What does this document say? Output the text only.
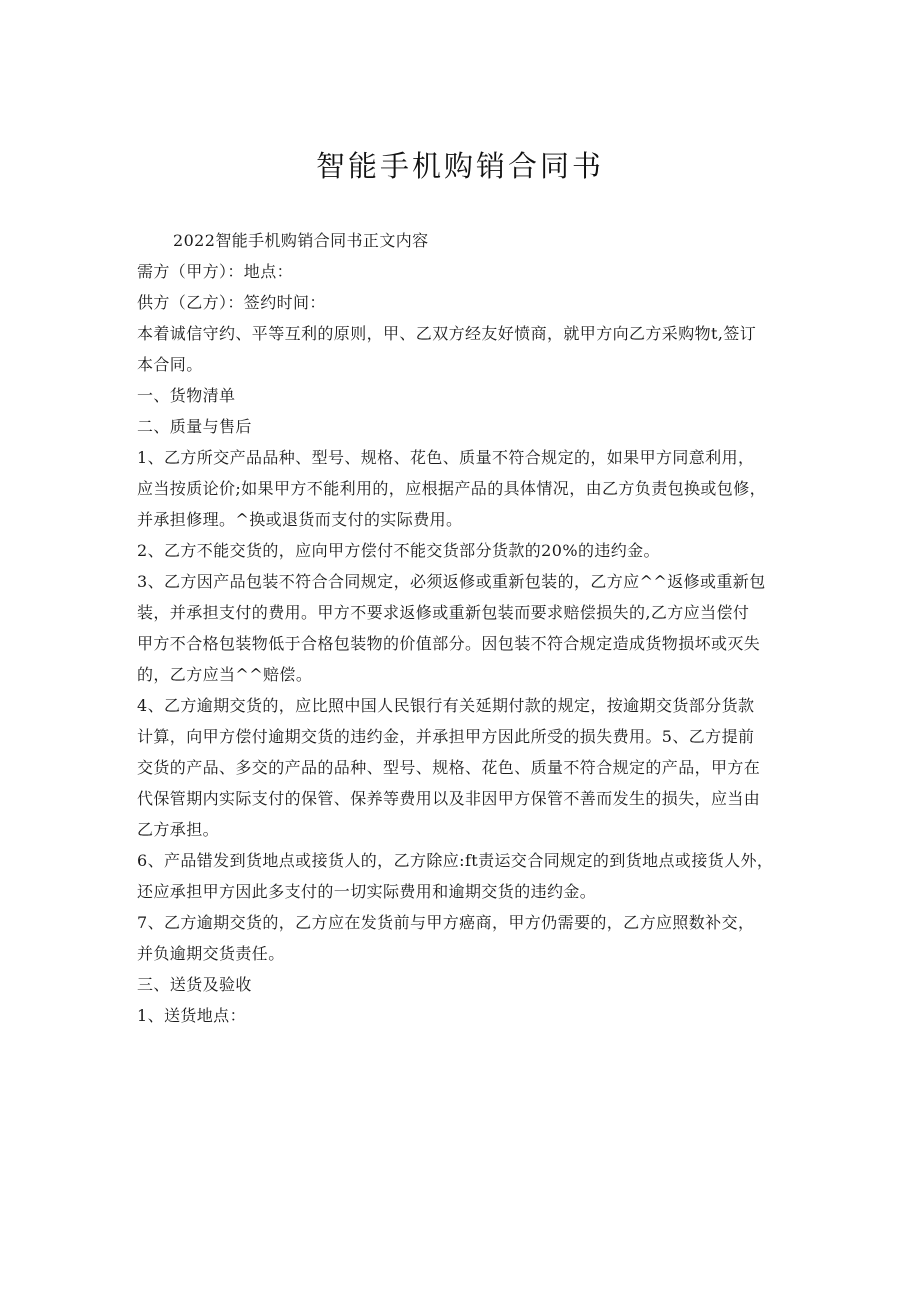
智能手机购销合同书
2022智能手机购销合同书正文内容
需方（甲方）：地点：
供方（乙方）：签约时间：
本着诚信守约、平等互利的原则，甲、乙双方经友好愤商，就甲方向乙方采购物t,签订
本合同。
一、货物清单
二、质量与售后
1、乙方所交产品品种、型号、规格、花色、质量不符合规定的，如果甲方同意利用，
应当按质论价;如果甲方不能利用的，应根据产品的具体情况，由乙方负责包换或包修，
并承担修理。^换或退货而支付的实际费用。
2、乙方不能交货的，应向甲方偿付不能交货部分货款的20%的违约金。
3、乙方因产品包装不符合合同规定，必须返修或重新包装的，乙方应^^返修或重新包
装，并承担支付的费用。甲方不要求返修或重新包装而要求赔偿损失的,乙方应当偿付
甲方不合格包装物低于合格包装物的价值部分。因包装不符合规定造成货物损坏或灭失
的，乙方应当^^赔偿。
4、乙方逾期交货的，应比照中国人民银行有关延期付款的规定，按逾期交货部分货款
计算，向甲方偿付逾期交货的违约金，并承担甲方因此所受的损失费用。5、乙方提前
交货的产品、多交的产品的品种、型号、规格、花色、质量不符合规定的产品，甲方在
代保管期内实际支付的保管、保养等费用以及非因甲方保管不善而发生的损失，应当由
乙方承担。
6、产品错发到货地点或接货人的，乙方除应:ft责运交合同规定的到货地点或接货人外，
还应承担甲方因此多支付的一切实际费用和逾期交货的违约金。
7、乙方逾期交货的，乙方应在发货前与甲方癌商，甲方仍需要的，乙方应照数补交，
并负逾期交货责任。
三、送货及验收
1、送货地点：
